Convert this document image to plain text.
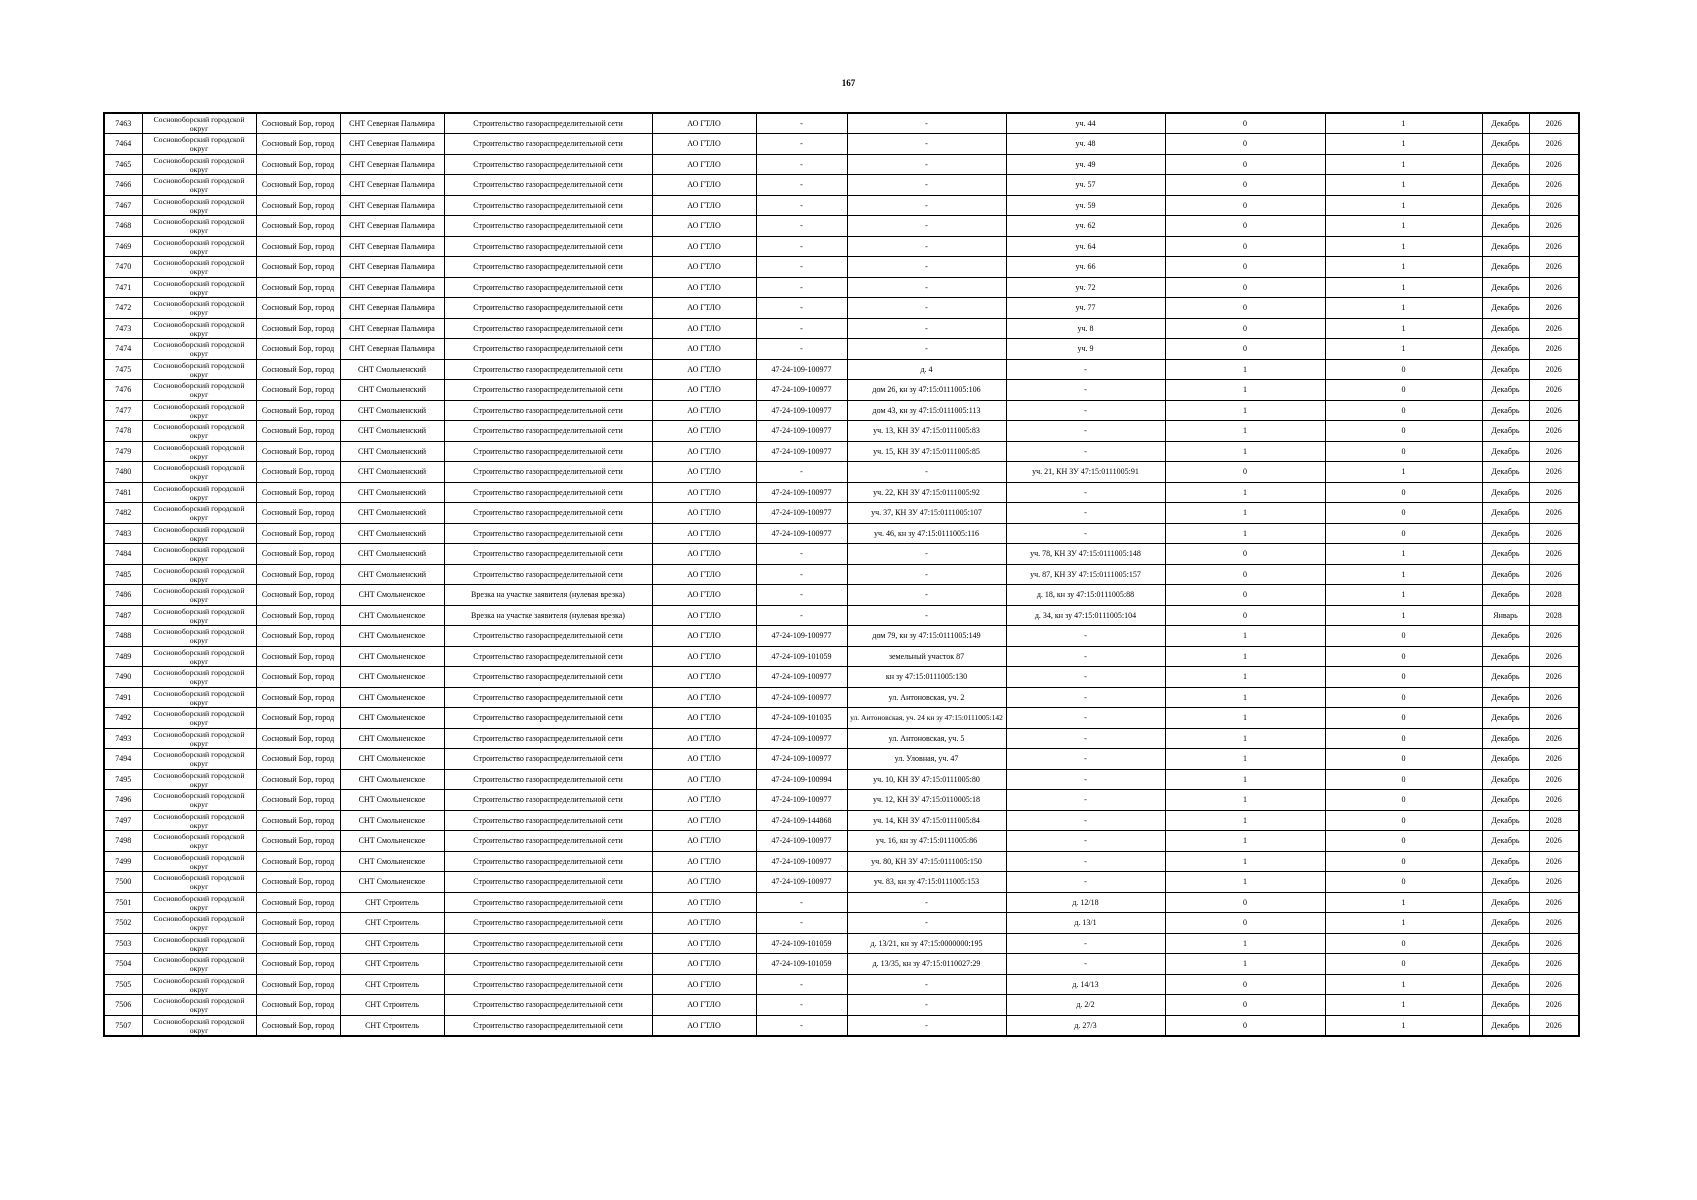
167
7463	Сосновоборский городской округ	Сосновый Бор, город	СНТ Северная Пальмира	Строительство газораспределительной сети	АО ГТЛО	-	-	уч. 44	0	1	Декабрь	2026
7464	Сосновоборский городской округ	Сосновый Бор, город	СНТ Северная Пальмира	Строительство газораспределительной сети	АО ГТЛО	-	-	уч. 48	0	1	Декабрь	2026
7465	Сосновоборский городской округ	Сосновый Бор, город	СНТ Северная Пальмира	Строительство газораспределительной сети	АО ГТЛО	-	-	уч. 49	0	1	Декабрь	2026
7466	Сосновоборский городской округ	Сосновый Бор, город	СНТ Северная Пальмира	Строительство газораспределительной сети	АО ГТЛО	-	-	уч. 57	0	1	Декабрь	2026
7467	Сосновоборский городской округ	Сосновый Бор, город	СНТ Северная Пальмира	Строительство газораспределительной сети	АО ГТЛО	-	-	уч. 59	0	1	Декабрь	2026
7468	Сосновоборский городской округ	Сосновый Бор, город	СНТ Северная Пальмира	Строительство газораспределительной сети	АО ГТЛО	-	-	уч. 62	0	1	Декабрь	2026
7469	Сосновоборский городской округ	Сосновый Бор, город	СНТ Северная Пальмира	Строительство газораспределительной сети	АО ГТЛО	-	-	уч. 64	0	1	Декабрь	2026
7470	Сосновоборский городской округ	Сосновый Бор, город	СНТ Северная Пальмира	Строительство газораспределительной сети	АО ГТЛО	-	-	уч. 66	0	1	Декабрь	2026
7471	Сосновоборский городской округ	Сосновый Бор, город	СНТ Северная Пальмира	Строительство газораспределительной сети	АО ГТЛО	-	-	уч. 72	0	1	Декабрь	2026
7472	Сосновоборский городской округ	Сосновый Бор, город	СНТ Северная Пальмира	Строительство газораспределительной сети	АО ГТЛО	-	-	уч. 77	0	1	Декабрь	2026
7473	Сосновоборский городской округ	Сосновый Бор, город	СНТ Северная Пальмира	Строительство газораспределительной сети	АО ГТЛО	-	-	уч. 8	0	1	Декабрь	2026
7474	Сосновоборский городской округ	Сосновый Бор, город	СНТ Северная Пальмира	Строительство газораспределительной сети	АО ГТЛО	-	-	уч. 9	0	1	Декабрь	2026
7475	Сосновоборский городской округ	Сосновый Бор, город	СНТ Смольненский	Строительство газораспределительной сети	АО ГТЛО	47-24-109-100977	д. 4	-	1	0	Декабрь	2026
7476	Сосновоборский городской округ	Сосновый Бор, город	СНТ Смольненский	Строительство газораспределительной сети	АО ГТЛО	47-24-109-100977	дом 26, кн зу 47:15:0111005:106	-	1	0	Декабрь	2026
7477	Сосновоборский городской округ	Сосновый Бор, город	СНТ Смольненский	Строительство газораспределительной сети	АО ГТЛО	47-24-109-100977	дом 43, кн зу 47:15:0111005:113	-	1	0	Декабрь	2026
7478	Сосновоборский городской округ	Сосновый Бор, город	СНТ Смольненский	Строительство газораспределительной сети	АО ГТЛО	47-24-109-100977	уч. 13, КН ЗУ 47:15:0111005:83	-	1	0	Декабрь	2026
7479	Сосновоборский городской округ	Сосновый Бор, город	СНТ Смольненский	Строительство газораспределительной сети	АО ГТЛО	47-24-109-100977	уч. 15, КН ЗУ 47:15:0111005:85	-	1	0	Декабрь	2026
7480	Сосновоборский городской округ	Сосновый Бор, город	СНТ Смольненский	Строительство газораспределительной сети	АО ГТЛО	-	-	уч. 21, КН ЗУ 47:15:0111005:91	0	1	Декабрь	2026
7481	Сосновоборский городской округ	Сосновый Бор, город	СНТ Смольненский	Строительство газораспределительной сети	АО ГТЛО	47-24-109-100977	уч. 22, КН ЗУ 47:15:0111005:92	-	1	0	Декабрь	2026
7482	Сосновоборский городской округ	Сосновый Бор, город	СНТ Смольненский	Строительство газораспределительной сети	АО ГТЛО	47-24-109-100977	уч. 37, КН ЗУ 47:15:0111005:107	-	1	0	Декабрь	2026
7483	Сосновоборский городской округ	Сосновый Бор, город	СНТ Смольненский	Строительство газораспределительной сети	АО ГТЛО	47-24-109-100977	уч. 46, кн зу 47:15:0111005:116	-	1	0	Декабрь	2026
7484	Сосновоборский городской округ	Сосновый Бор, город	СНТ Смольненский	Строительство газораспределительной сети	АО ГТЛО	-	-	уч. 78, КН ЗУ 47:15:0111005:148	0	1	Декабрь	2026
7485	Сосновоборский городской округ	Сосновый Бор, город	СНТ Смольненский	Строительство газораспределительной сети	АО ГТЛО	-	-	уч. 87, КН ЗУ 47:15:0111005:157	0	1	Декабрь	2026
7486	Сосновоборский городской округ	Сосновый Бор, город	СНТ Смольненское	Врезка на участке заявителя (нулевая врезка)	АО ГТЛО	-	-	д. 18, кн зу 47:15:0111005:88	0	1	Декабрь	2028
7487	Сосновоборский городской округ	Сосновый Бор, город	СНТ Смольненское	Врезка на участке заявителя (нулевая врезка)	АО ГТЛО	-	-	д. 34, кн зу 47:15:0111005:104	0	1	Январь	2028
7488	Сосновоборский городской округ	Сосновый Бор, город	СНТ Смольненское	Строительство газораспределительной сети	АО ГТЛО	47-24-109-100977	дом 79, кн зу 47:15:0111005:149	-	1	0	Декабрь	2026
7489	Сосновоборский городской округ	Сосновый Бор, город	СНТ Смольненское	Строительство газораспределительной сети	АО ГТЛО	47-24-109-101059	земельный участок 87	-	1	0	Декабрь	2026
7490	Сосновоборский городской округ	Сосновый Бор, город	СНТ Смольненское	Строительство газораспределительной сети	АО ГТЛО	47-24-109-100977	кн зу 47:15:0111005:130	-	1	0	Декабрь	2026
7491	Сосновоборский городской округ	Сосновый Бор, город	СНТ Смольненское	Строительство газораспределительной сети	АО ГТЛО	47-24-109-100977	ул. Антоновская, уч. 2	-	1	0	Декабрь	2026
7492	Сосновоборский городской округ	Сосновый Бор, город	СНТ Смольненское	Строительство газораспределительной сети	АО ГТЛО	47-24-109-101035	ул. Антоновская, уч. 24 кн зу 47:15:0111005:142	-	1	0	Декабрь	2026
7493	Сосновоборский городской округ	Сосновый Бор, город	СНТ Смольненское	Строительство газораспределительной сети	АО ГТЛО	47-24-109-100977	ул. Антоновская, уч. 5	-	1	0	Декабрь	2026
7494	Сосновоборский городской округ	Сосновый Бор, город	СНТ Смольненское	Строительство газораспределительной сети	АО ГТЛО	47-24-109-100977	ул. Уловная, уч. 47	-	1	0	Декабрь	2026
7495	Сосновоборский городской округ	Сосновый Бор, город	СНТ Смольненское	Строительство газораспределительной сети	АО ГТЛО	47-24-109-100994	уч. 10, КН ЗУ 47:15:0111005:80	-	1	0	Декабрь	2026
7496	Сосновоборский городской округ	Сосновый Бор, город	СНТ Смольненское	Строительство газораспределительной сети	АО ГТЛО	47-24-109-100977	уч. 12, КН ЗУ 47:15:0110005:18	-	1	0	Декабрь	2026
7497	Сосновоборский городской округ	Сосновый Бор, город	СНТ Смольненское	Строительство газораспределительной сети	АО ГТЛО	47-24-109-144868	уч. 14, КН ЗУ 47:15:0111005:84	-	1	0	Декабрь	2028
7498	Сосновоборский городской округ	Сосновый Бор, город	СНТ Смольненское	Строительство газораспределительной сети	АО ГТЛО	47-24-109-100977	уч. 16, кн зу 47:15:0111005:86	-	1	0	Декабрь	2026
7499	Сосновоборский городской округ	Сосновый Бор, город	СНТ Смольненское	Строительство газораспределительной сети	АО ГТЛО	47-24-109-100977	уч. 80, КН ЗУ 47:15:0111005:150	-	1	0	Декабрь	2026
7500	Сосновоборский городской округ	Сосновый Бор, город	СНТ Смольненское	Строительство газораспределительной сети	АО ГТЛО	47-24-109-100977	уч. 83, кн зу 47:15:0111005:153	-	1	0	Декабрь	2026
7501	Сосновоборский городской округ	Сосновый Бор, город	СНТ Строитель	Строительство газораспределительной сети	АО ГТЛО	-	-	д. 12/18	0	1	Декабрь	2026
7502	Сосновоборский городской округ	Сосновый Бор, город	СНТ Строитель	Строительство газораспределительной сети	АО ГТЛО	-	-	д. 13/1	0	1	Декабрь	2026
7503	Сосновоборский городской округ	Сосновый Бор, город	СНТ Строитель	Строительство газораспределительной сети	АО ГТЛО	47-24-109-101059	д. 13/21, кн зу 47:15:0000000:195	-	1	0	Декабрь	2026
7504	Сосновоборский городской округ	Сосновый Бор, город	СНТ Строитель	Строительство газораспределительной сети	АО ГТЛО	47-24-109-101059	д. 13/35, кн зу 47:15:0110027:29	-	1	0	Декабрь	2026
7505	Сосновоборский городской округ	Сосновый Бор, город	СНТ Строитель	Строительство газораспределительной сети	АО ГТЛО	-	-	д. 14/13	0	1	Декабрь	2026
7506	Сосновоборский городской округ	Сосновый Бор, город	СНТ Строитель	Строительство газораспределительной сети	АО ГТЛО	-	-	д. 2/2	0	1	Декабрь	2026
7507	Сосновоборский городской округ	Сосновый Бор, город	СНТ Строитель	Строительство газораспределительной сети	АО ГТЛО	-	-	д. 27/3	0	1	Декабрь	2026
